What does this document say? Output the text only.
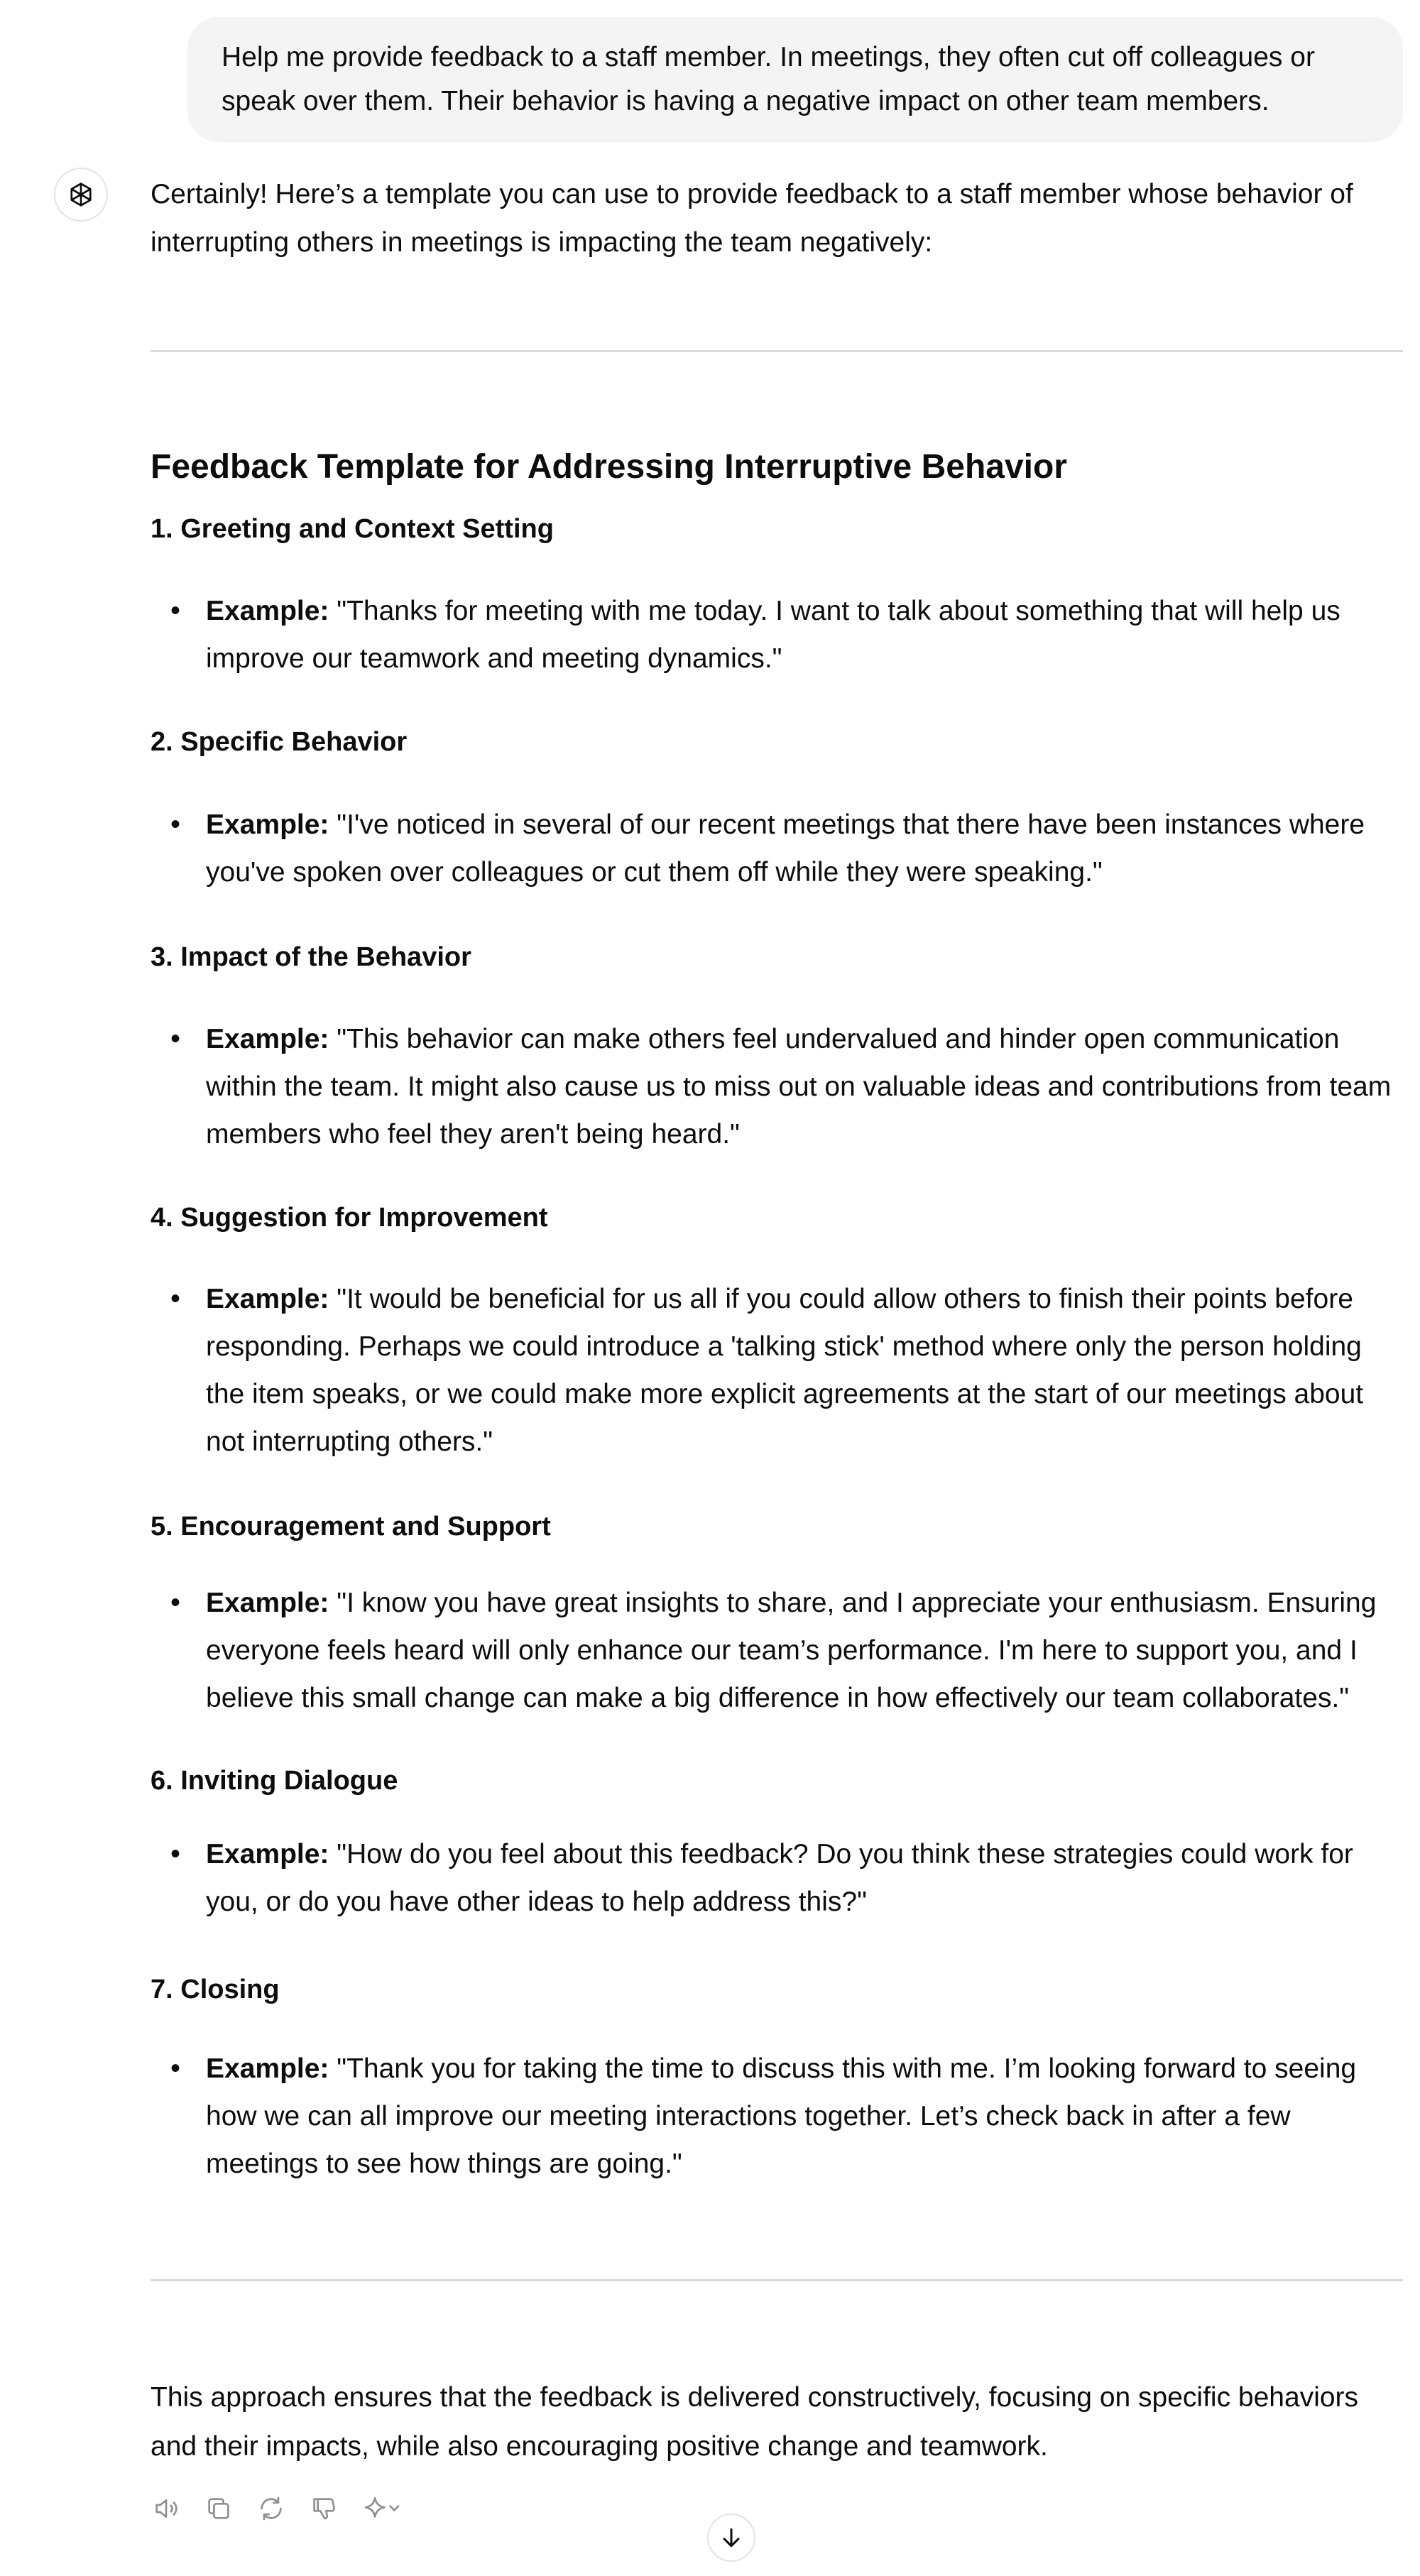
Help me provide feedback to a staff member. In meetings, they often cut off colleagues or speak over them. Their behavior is having a negative impact on other team members.

Certainly! Here’s a template you can use to provide feedback to a staff member whose behavior of interrupting others in meetings is impacting the team negatively:

Feedback Template for Addressing Interruptive Behavior
1. Greeting and Context Setting

• Example: "Thanks for meeting with me today. I want to talk about something that will help us improve our teamwork and meeting dynamics."

2. Specific Behavior

• Example: "I've noticed in several of our recent meetings that there have been instances where you've spoken over colleagues or cut them off while they were speaking."

3. Impact of the Behavior

• Example: "This behavior can make others feel undervalued and hinder open communication within the team. It might also cause us to miss out on valuable ideas and contributions from team members who feel they aren't being heard."

4. Suggestion for Improvement

• Example: "It would be beneficial for us all if you could allow others to finish their points before responding. Perhaps we could introduce a 'talking stick' method where only the person holding the item speaks, or we could make more explicit agreements at the start of our meetings about not interrupting others."

5. Encouragement and Support

• Example: "I know you have great insights to share, and I appreciate your enthusiasm. Ensuring everyone feels heard will only enhance our team’s performance. I'm here to support you, and I believe this small change can make a big difference in how effectively our team collaborates."

6. Inviting Dialogue

• Example: "How do you feel about this feedback? Do you think these strategies could work for you, or do you have other ideas to help address this?"

7. Closing

• Example: "Thank you for taking the time to discuss this with me. I’m looking forward to seeing how we can all improve our meeting interactions together. Let’s check back in after a few meetings to see how things are going."

This approach ensures that the feedback is delivered constructively, focusing on specific behaviors and their impacts, while also encouraging positive change and teamwork.
